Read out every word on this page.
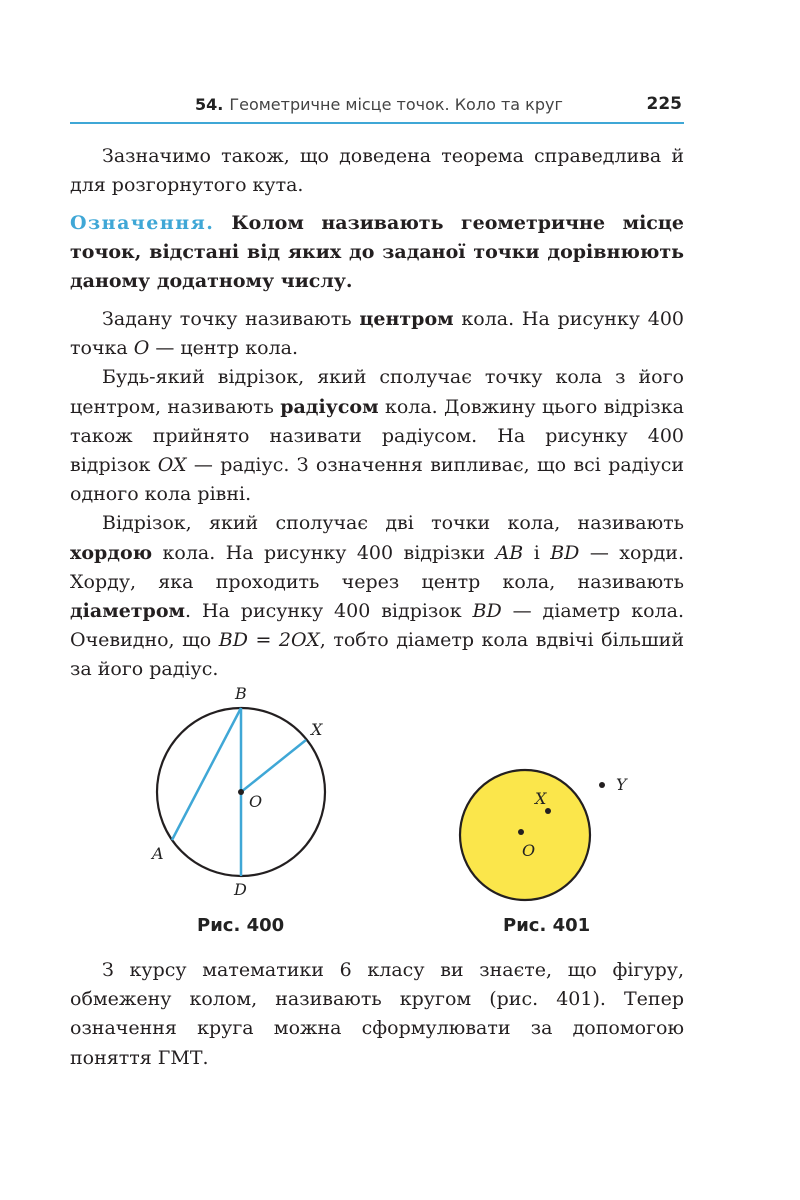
54. Геометричне місце точок. Коло та круг	225

Зазначимо також, що доведена теорема справедлива й для розгорнутого кута.

Означення. Колом називають геометричне місце точок, відстані від яких до заданої точки дорівнюють даному додатному числу.

Задану точку називають центром кола. На рисунку 400 точка O — центр кола.

Будь-який відрізок, який сполучає точку кола з його центром, називають радіусом кола. Довжину цього відрізка також прийнято називати радіусом. На рисунку 400 відрізок OX — радіус. З означення випливає, що всі радіуси одного кола рівні.

Відрізок, який сполучає дві точки кола, називають хордою кола. На рисунку 400 відрізки AB і BD — хорди. Хорду, яка проходить через центр кола, називають діаметром. На рисунку 400 відрізок BD — діаметр кола. Очевидно, що BD = 2OX, тобто діаметр кола вдвічі більший за його радіус.

B
X
O
A
D
Рис. 400
X
O
Y
Рис. 401

З курсу математики 6 класу ви знаєте, що фігуру, обмежену колом, називають кругом (рис. 401). Тепер означення круга можна сформулювати за допомогою поняття ГМТ.
